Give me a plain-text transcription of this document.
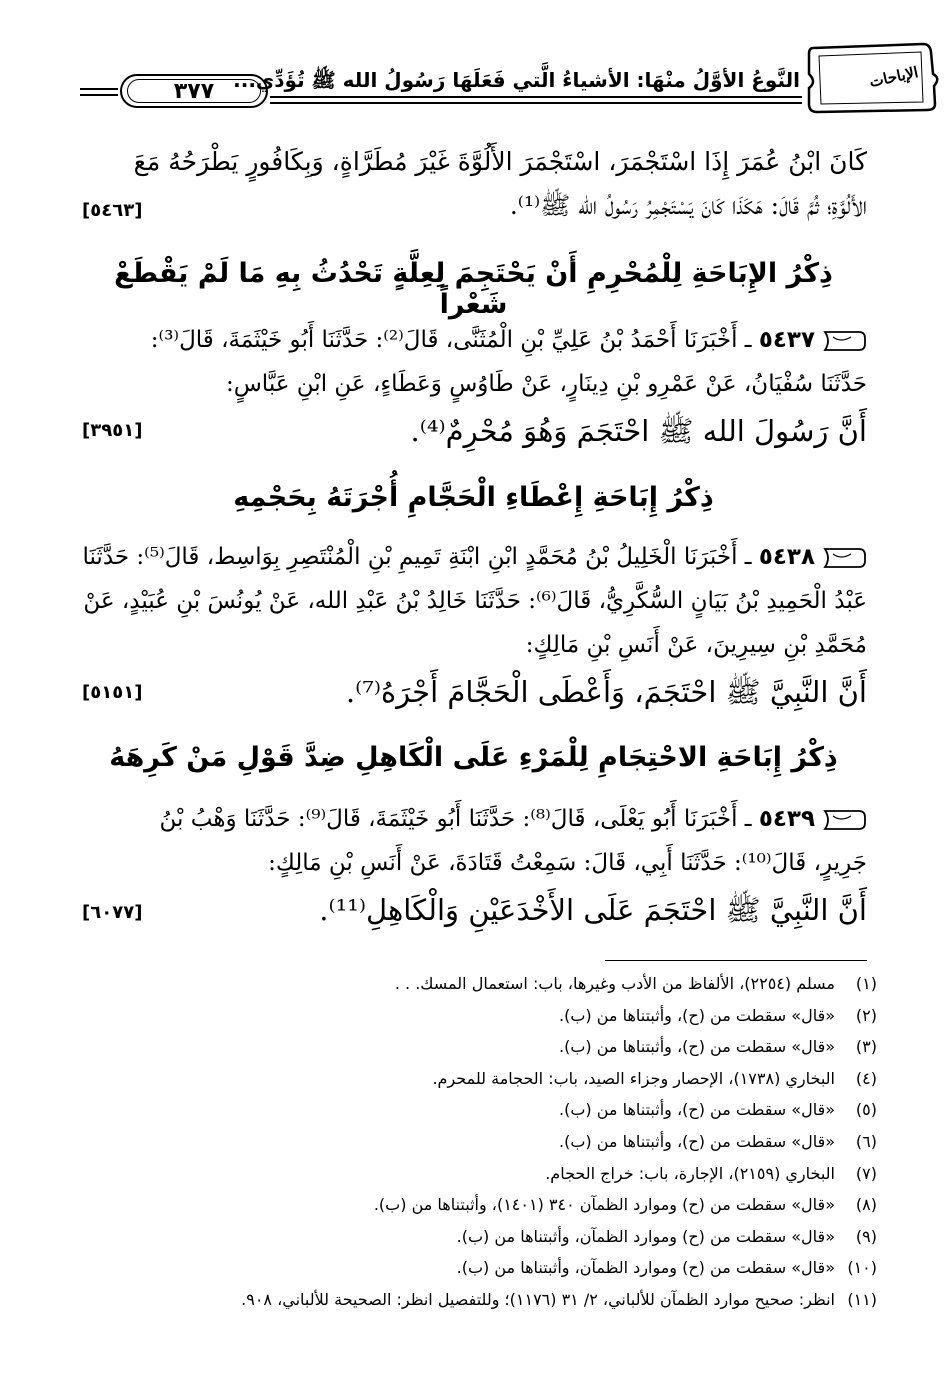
النَّوعُ الأوَّلُ منْهَا: الأشياءُ الَّتي فَعَلَهَا رَسُولُ الله ﷺ تُؤَدِّي...
٣٧٧
الإباحات
كَانَ ابْنُ عُمَرَ إِذَا اسْتَجْمَرَ، اسْتَجْمَرَ الأَلُوَّةَ غَيْرَ مُطَرَّاةٍ، وَبِكَافُورٍ يَطْرَحُهُ مَعَ
الأَلُوَّةِ؛ ثُمَّ قَالَ: هَكَذَا كَانَ يَسْتَجْمِرُ رَسُولُ الله ﷺ⁽¹⁾.
[٥٤٦٣]
ذِكْرُ الإِبَاحَةِ لِلْمُحْرِمِ أَنْ يَحْتَجِمَ لِعِلَّةٍ تَحْدُثُ بِهِ مَا لَمْ يَقْطَعْ شَعْراً
٥٤٣٧ ـ أَخْبَرَنَا أَحْمَدُ بْنُ عَلِيِّ بْنِ الْمُثَنَّى، قَالَ⁽²⁾: حَدَّثَنَا أَبُو خَيْثَمَةَ، قَالَ⁽³⁾:
حَدَّثَنَا سُفْيَانُ، عَنْ عَمْرِو بْنِ دِينَارٍ، عَنْ طَاوُسٍ وَعَطَاءٍ، عَنِ ابْنِ عَبَّاسٍ:
أَنَّ رَسُولَ الله ﷺ احْتَجَمَ وَهُوَ مُحْرِمٌ⁽⁴⁾.
[٣٩٥١]
ذِكْرُ إِبَاحَةِ إِعْطَاءِ الْحَجَّامِ أُجْرَتَهُ بِحَجْمِهِ
٥٤٣٨ ـ أَخْبَرَنَا الْخَلِيلُ بْنُ مُحَمَّدٍ ابْنِ ابْنَةِ تَمِيمِ بْنِ الْمُنْتَصِرِ بِوَاسِط، قَالَ⁽⁵⁾: حَدَّثَنَا
عَبْدُ الْحَمِيدِ بْنُ بَيَانٍ السُّكَّرِيُّ، قَالَ⁽⁶⁾: حَدَّثَنَا خَالِدُ بْنُ عَبْدِ الله، عَنْ يُونُسَ بْنِ عُبَيْدٍ، عَنْ
مُحَمَّدِ بْنِ سِيرِينَ، عَنْ أَنَسِ بْنِ مَالِكٍ:
أَنَّ النَّبِيَّ ﷺ احْتَجَمَ، وَأَعْطَى الْحَجَّامَ أَجْرَهُ⁽⁷⁾.
[٥١٥١]
ذِكْرُ إِبَاحَةِ الاحْتِجَامِ لِلْمَرْءِ عَلَى الْكَاهِلِ ضِدَّ قَوْلِ مَنْ كَرِهَهُ
٥٤٣٩ ـ أَخْبَرَنَا أَبُو يَعْلَى، قَالَ⁽⁸⁾: حَدَّثَنَا أَبُو خَيْثَمَةَ، قَالَ⁽⁹⁾: حَدَّثَنَا وَهْبُ بْنُ
جَرِيرٍ، قَالَ⁽¹⁰⁾: حَدَّثَنَا أَبِي، قَالَ: سَمِعْتُ قَتَادَةَ، عَنْ أَنَسِ بْنِ مَالِكٍ:
أَنَّ النَّبِيَّ ﷺ احْتَجَمَ عَلَى الأَخْدَعَيْنِ وَالْكَاهِلِ⁽¹¹⁾.
[٦٠٧٧]
(١)مسلم (٢٢٥٤)، الألفاظ من الأدب وغيرها، باب: استعمال المسك. . .
(٢)«قال» سقطت من (ح)، وأثبتناها من (ب).
(٣)«قال» سقطت من (ح)، وأثبتناها من (ب).
(٤)البخاري (١٧٣٨)، الإحصار وجزاء الصيد، باب: الحجامة للمحرم.
(٥)«قال» سقطت من (ح)، وأثبتناها من (ب).
(٦)«قال» سقطت من (ح)، وأثبتناها من (ب).
(٧)البخاري (٢١٥٩)، الإجارة، باب: خراج الحجام.
(٨)«قال» سقطت من (ح) وموارد الظمآن ٣٤٠ (١٤٠١)، وأثبتناها من (ب).
(٩)«قال» سقطت من (ح) وموارد الظمآن، وأثبتناها من (ب).
(١٠)«قال» سقطت من (ح) وموارد الظمآن، وأثبتناها من (ب).
(١١)انظر: صحيح موارد الظمآن للألباني، ٢/ ٣١ (١١٧٦)؛ وللتفصيل انظر: الصحيحة للألباني، ٩٠٨.
